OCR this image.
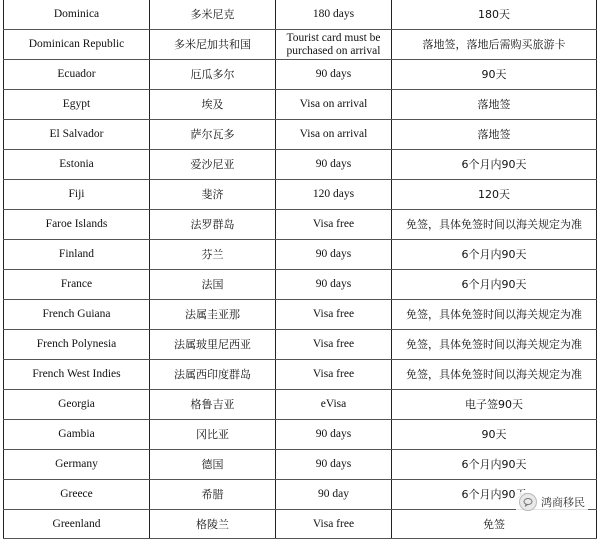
Dominica	多米尼克	180 days	180天
Dominican Republic	多米尼加共和国	Tourist card must be purchased on arrival	落地签，落地后需购买旅游卡
Ecuador	厄瓜多尔	90 days	90天
Egypt	埃及	Visa on arrival	落地签
El Salvador	萨尔瓦多	Visa on arrival	落地签
Estonia	爱沙尼亚	90 days	6个月内90天
Fiji	斐济	120 days	120天
Faroe Islands	法罗群岛	Visa free	免签，具体免签时间以海关规定为准
Finland	芬兰	90 days	6个月内90天
France	法国	90 days	6个月内90天
French Guiana	法属圭亚那	Visa free	免签，具体免签时间以海关规定为准
French Polynesia	法属玻里尼西亚	Visa free	免签，具体免签时间以海关规定为准
French West Indies	法属西印度群岛	Visa free	免签，具体免签时间以海关规定为准
Georgia	格鲁吉亚	eVisa	电子签90天
Gambia	冈比亚	90 days	90天
Germany	德国	90 days	6个月内90天
Greece	希腊	90 day	6个月内90天
Greenland	格陵兰	Visa free	免签	鸿商移民
